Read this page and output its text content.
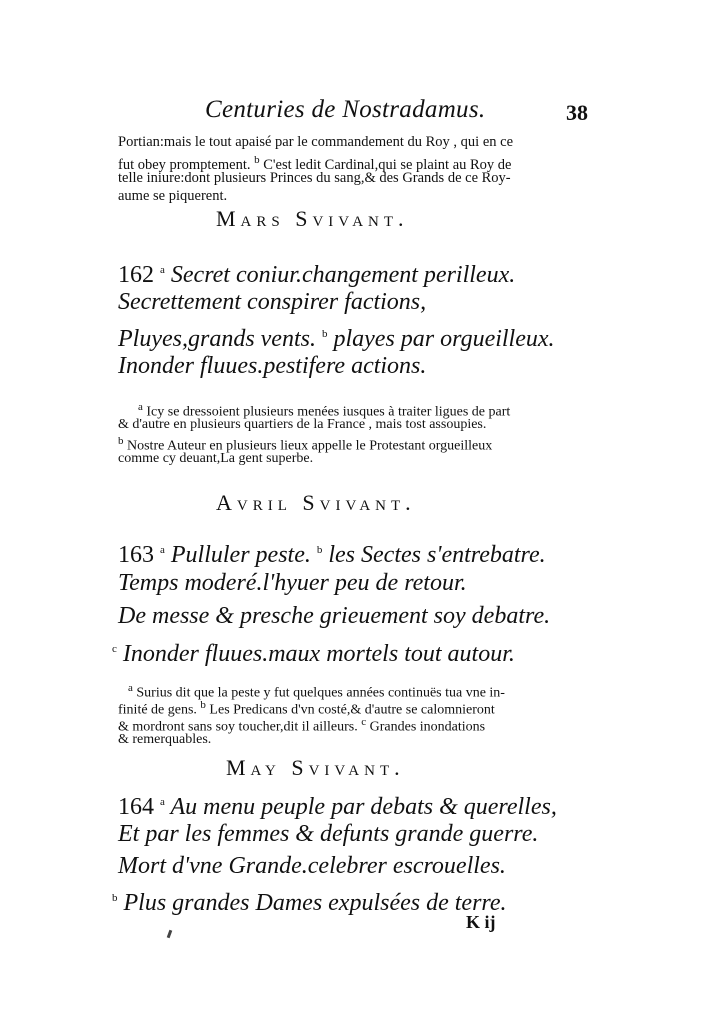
Centuries de Nostradamus.	38
Portian:mais le tout apaisé par le commandement du Roy , qui en ce
fut obey promptement. $^b$ C'est ledit Cardinal,qui se plaint au Roy de
telle iniure:dont plusieurs Princes du sang,& des Grands de ce Roy-
aume se piquerent.
Mars Svivant.
162 $^a$ Secret coniur.changement perilleux.
Secrettement conspirer factions,
Pluyes,grands vents. $^b$ playes par orgueilleux.
Inonder fluues.pestifere actions.
$^a$ Icy se dressoient plusieurs menées iusques à traiter ligues de part
& d'autre en plusieurs quartiers de la France , mais tost assoupies.
$^b$ Nostre Auteur en plusieurs lieux appelle le Protestant orgueilleux
comme cy deuant,La gent superbe.
Avril Svivant.
163 $^a$ Pulluler peste. $^b$ les Sectes s'entrebatre.
Temps moderé.l'hyuer peu de retour.
De messe & presche grieuement soy debatre.
$^c$ Inonder fluues.maux mortels tout autour.
$^a$ Surius dit que la peste y fut quelques années continuës tua vne in-
finité de gens. $^b$ Les Predicans d'vn costé,& d'autre se calomnieront
& mordront sans soy toucher,dit il ailleurs. $^c$ Grandes inondations
& remerquables.
May Svivant.
164 $^a$ Au menu peuple par debats & querelles,
Et par les femmes & defunts grande guerre.
Mort d'vne Grande.celebrer escrouelles.
$^b$ Plus grandes Dames expulsées de terre.
K ij
